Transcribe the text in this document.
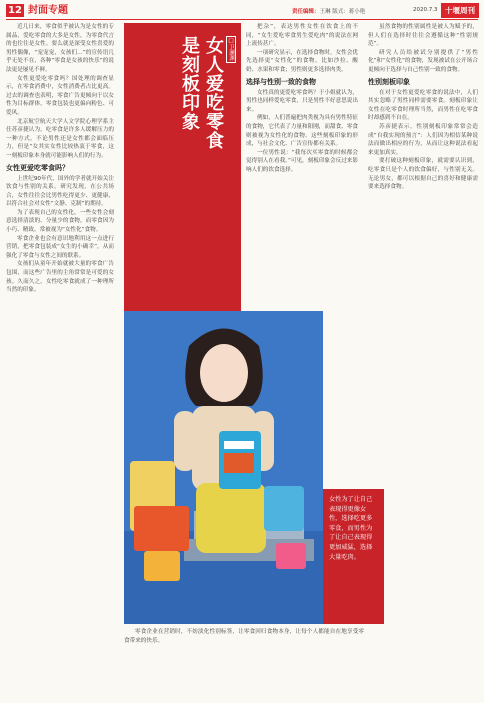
12 封面专题	责任编辑：王琳 版式：蒋小艳	2020.7.3	十堰周刊

近几日来，零食似乎被认为是女性的专属品，爱吃零食的大多是女性，为零食代言的也往往是女性。要么就是深受女性喜爱的男性偶像，“宠宠宠，女孩们…”的宣传语几乎无处不在，各种“零食是女孩的快乐”的说法更是屡见不鲜。

女性更爱吃零食吗？国处理的调查显示，在零食消费中，女性消费者占比更高。过去的调查也表明，零食广告更倾向于以女性为目标群体，零食包装也更偏向粉色、可爱风。

北京航空航天大学人文学院心理学系主任苏彦捷认为，吃零食是许多人缓解压力的一种方式。不论男性还是女性都会面临压力，但是“女其实女性比较热衷于零食，这一刻板印象本身就可能影响人们的行为。

女性更爱吃零食吗？

上世纪90年代，国外的学者就开始关注饮食与性别的关系。研究发现，在公共场合，女性往往会比男性吃得更少、更健康，以符合社会对女性“文静、克制”的期待。

为了表现自己的女性化，一些女性会刻意选择清淡的、分量少的食物，而零食因为小巧、精致，常被视为“女性化”食物。

零食企业也会有意识地利用这一点进行营销，把零食包装成“女生的小确幸”，从而强化了零食与女性之间的联系。

女孩们从童年开始就被大量的零食广告包围，而这些广告里的主角常常是可爱的女孩。久而久之，女性吃零食就成了一种理所当然的印象。

女人爱吃零食
是刻板印象	□卫澜渊
女性为了让自己表现得更像女性，选择吃更多零食，而男性为了让自己表现得更加威猛，选择大量吃肉。

把杂”，表达男性女性在饮食上的不同，“女生爱吃零食男生爱吃肉”的说法在网上流传甚广。

一项研究显示，在选择食物时，女性会优先选择更“女性化”的食物，比如沙拉、酸奶、水果和零食；男性则更多选择肉类。

选择与性别一致的食物

女性真的更爱吃零食吗？于小姐就认为，男性也同样爱吃零食，只是男性不好意思说出来。

例如，人们普遍把肉类视为具有男性特征的食物，它代表了力量和阳刚，而甜食、零食则被视为女性化的食物。这些刻板印象的形成，与社会文化、广告宣传都有关系。

一位男性说：“我每次买零食的时候都会觉得别人在看我。”可见，刻板印象会反过来影响人们的饮食选择。

虽然食物的性别属性是被人为赋予的，但人们在选择时往往会遵循这种“性别规范”。

研究人员给被试分别提供了“男性化”和“女性化”的食物，发现被试在公开场合更倾向于选择与自己性别一致的食物。

性别刻板印象

在对于女性更爱吃零食的说法中，人们其实忽略了男性同样需要零食。刻板印象让女性在吃零食时理所当然，而男性在吃零食时却感到不自在。

苏彦捷表示，性别刻板印象常常会造成“自我实现的预言”：人们因为相信某种说法而做出相应的行为，从而让这种说法看起来更加真实。

要打破这种刻板印象，就需要认识到，吃零食只是个人的饮食偏好，与性别无关。无论男女，都可以根据自己的喜好和健康需要来选择食物。

零食企业在营销时，不妨淡化性别标签，让零食回归食物本身，让每个人都能自在地享受零食带来的快乐。
